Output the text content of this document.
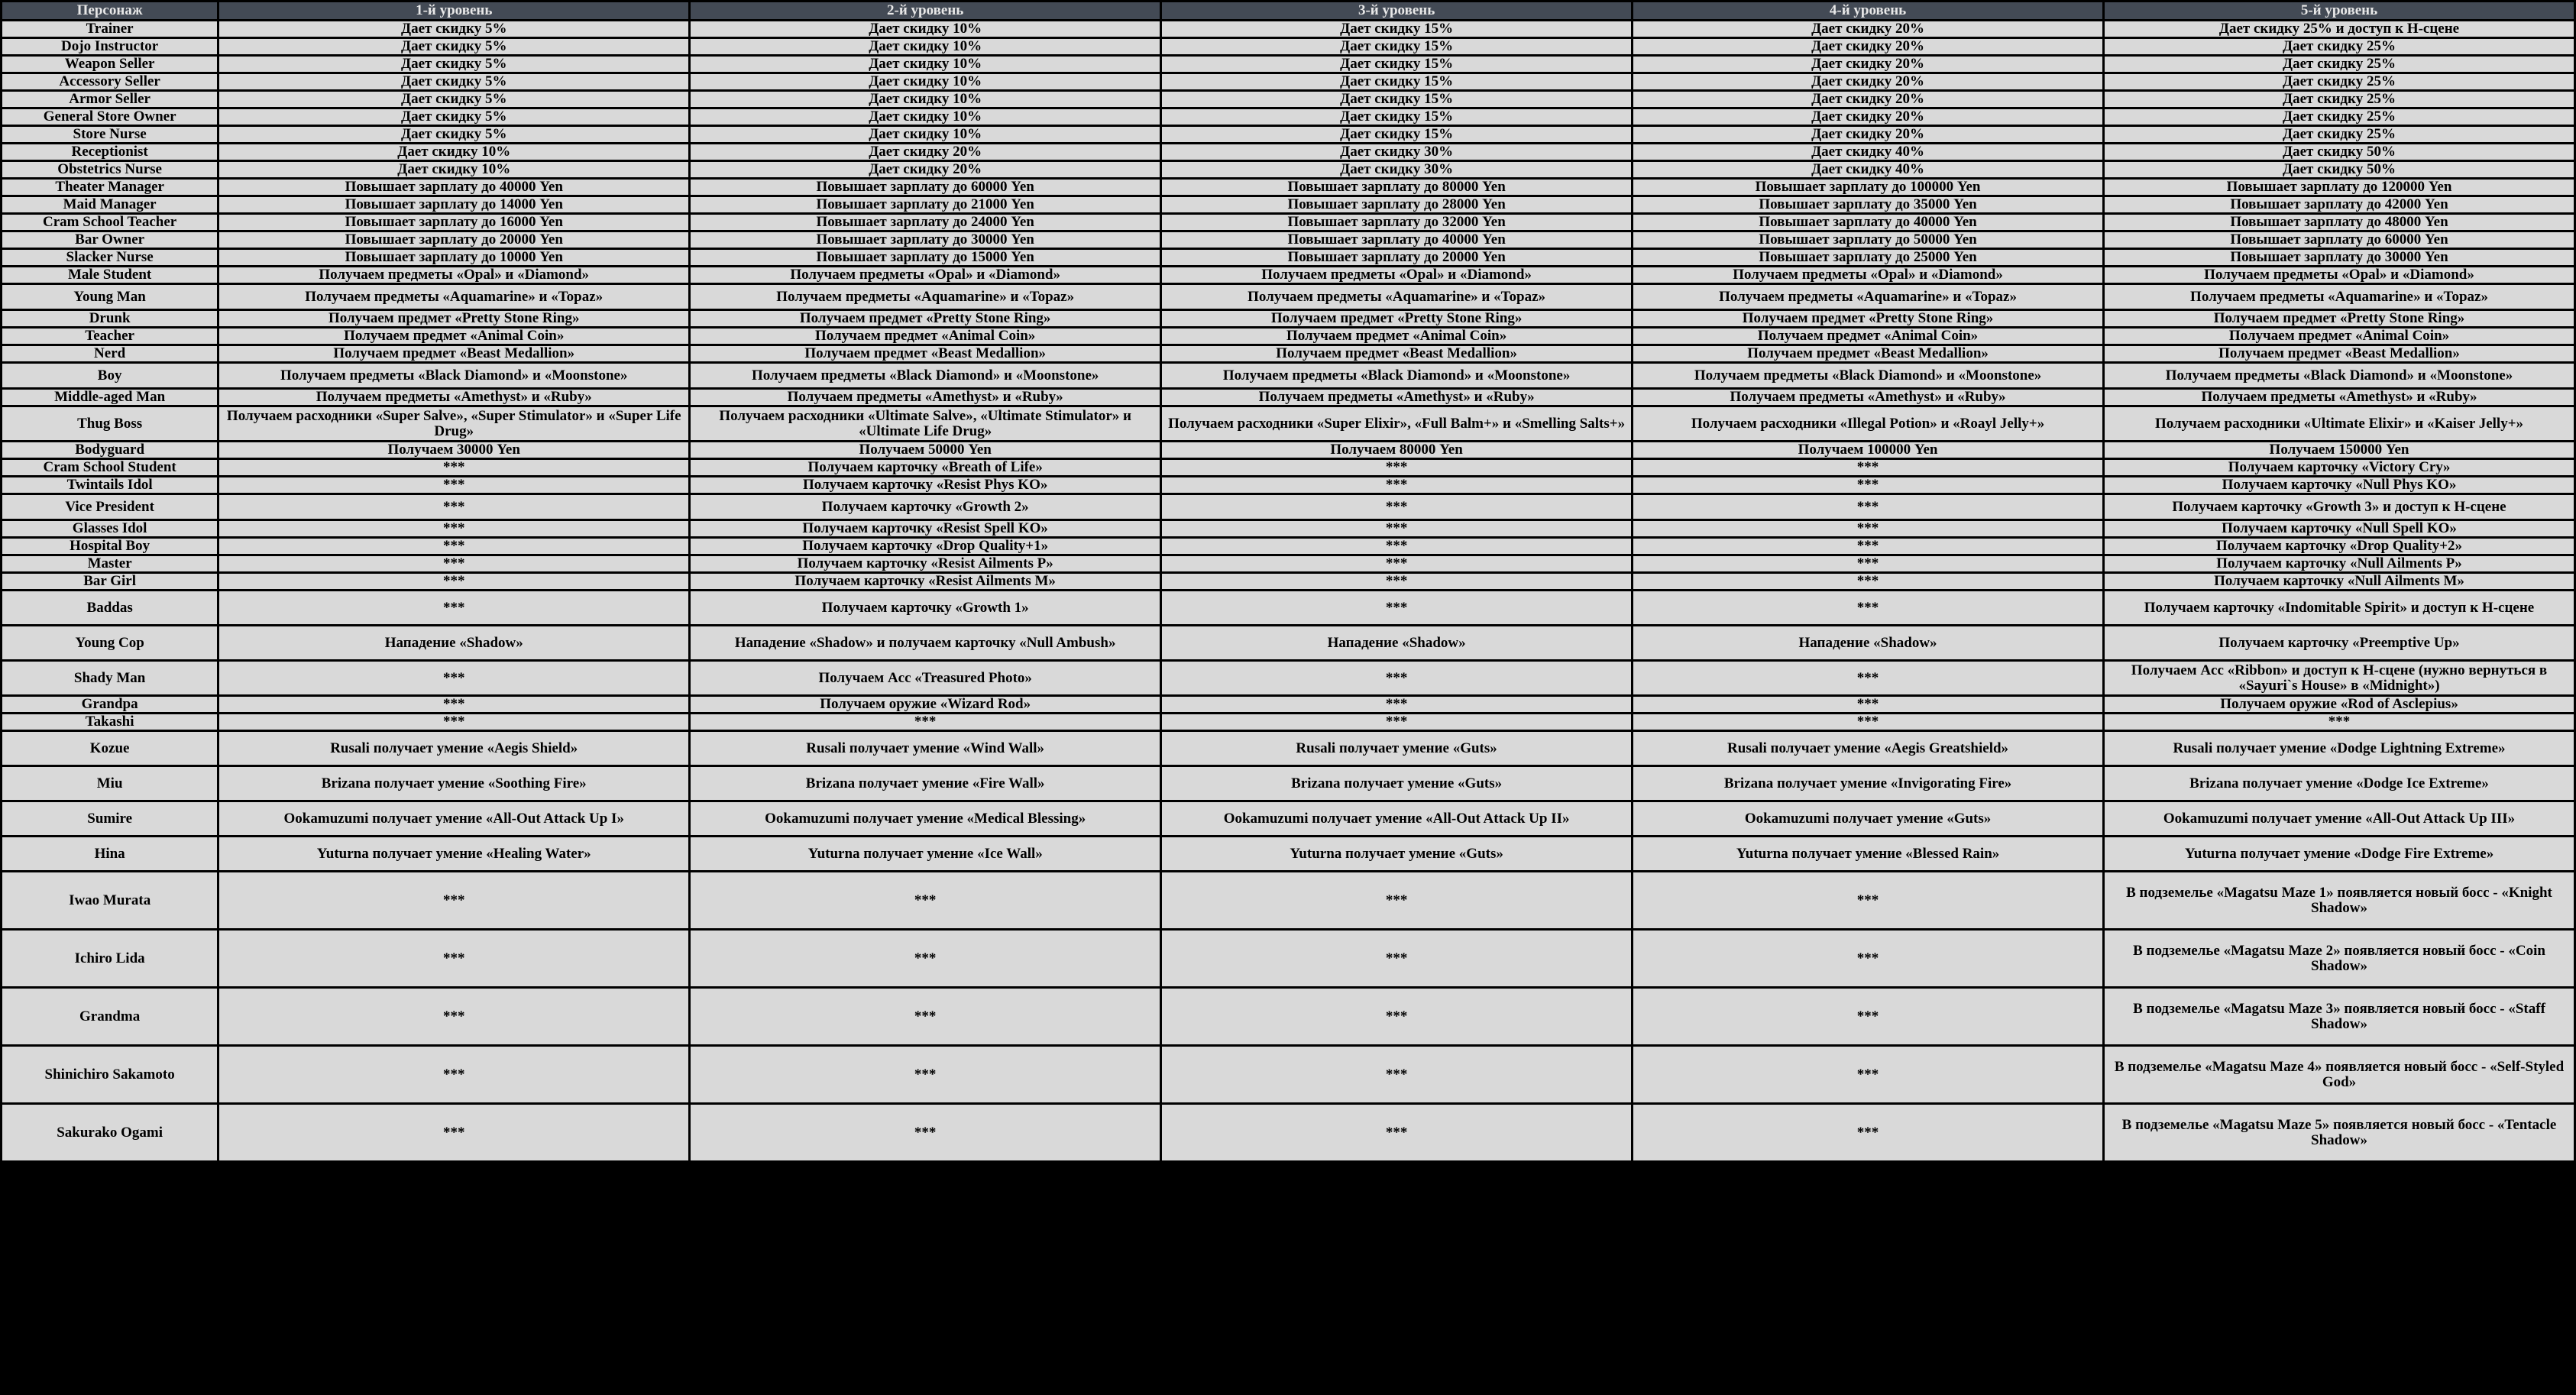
Персонаж	1-й уровень	2-й уровень	3-й уровень	4-й уровень	5-й уровень
Trainer	Дает скидку 5%	Дает скидку 10%	Дает скидку 15%	Дает скидку 20%	Дает скидку 25% и доступ к H-сцене
Dojo Instructor	Дает скидку 5%	Дает скидку 10%	Дает скидку 15%	Дает скидку 20%	Дает скидку 25%
Weapon Seller	Дает скидку 5%	Дает скидку 10%	Дает скидку 15%	Дает скидку 20%	Дает скидку 25%
Accessory Seller	Дает скидку 5%	Дает скидку 10%	Дает скидку 15%	Дает скидку 20%	Дает скидку 25%
Armor Seller	Дает скидку 5%	Дает скидку 10%	Дает скидку 15%	Дает скидку 20%	Дает скидку 25%
General Store Owner	Дает скидку 5%	Дает скидку 10%	Дает скидку 15%	Дает скидку 20%	Дает скидку 25%
Store Nurse	Дает скидку 5%	Дает скидку 10%	Дает скидку 15%	Дает скидку 20%	Дает скидку 25%
Receptionist	Дает скидку 10%	Дает скидку 20%	Дает скидку 30%	Дает скидку 40%	Дает скидку 50%
Obstetrics Nurse	Дает скидку 10%	Дает скидку 20%	Дает скидку 30%	Дает скидку 40%	Дает скидку 50%
Theater Manager	Повышает зарплату до 40000 Yen	Повышает зарплату до 60000 Yen	Повышает зарплату до 80000 Yen	Повышает зарплату до 100000 Yen	Повышает зарплату до 120000 Yen
Maid Manager	Повышает зарплату до 14000 Yen	Повышает зарплату до 21000 Yen	Повышает зарплату до 28000 Yen	Повышает зарплату до 35000 Yen	Повышает зарплату до 42000 Yen
Cram School Teacher	Повышает зарплату до 16000 Yen	Повышает зарплату до 24000 Yen	Повышает зарплату до 32000 Yen	Повышает зарплату до 40000 Yen	Повышает зарплату до 48000 Yen
Bar Owner	Повышает зарплату до 20000 Yen	Повышает зарплату до 30000 Yen	Повышает зарплату до 40000 Yen	Повышает зарплату до 50000 Yen	Повышает зарплату до 60000 Yen
Slacker Nurse	Повышает зарплату до 10000 Yen	Повышает зарплату до 15000 Yen	Повышает зарплату до 20000 Yen	Повышает зарплату до 25000 Yen	Повышает зарплату до 30000 Yen
Male Student	Получаем предметы «Opal» и «Diamond»	Получаем предметы «Opal» и «Diamond»	Получаем предметы «Opal» и «Diamond»	Получаем предметы «Opal» и «Diamond»	Получаем предметы «Opal» и «Diamond»
Young Man	Получаем предметы «Aquamarine» и «Topaz»	Получаем предметы «Aquamarine» и «Topaz»	Получаем предметы «Aquamarine» и «Topaz»	Получаем предметы «Aquamarine» и «Topaz»	Получаем предметы «Aquamarine» и «Topaz»
Drunk	Получаем предмет «Pretty Stone Ring»	Получаем предмет «Pretty Stone Ring»	Получаем предмет «Pretty Stone Ring»	Получаем предмет «Pretty Stone Ring»	Получаем предмет «Pretty Stone Ring»
Teacher	Получаем предмет «Animal Coin»	Получаем предмет «Animal Coin»	Получаем предмет «Animal Coin»	Получаем предмет «Animal Coin»	Получаем предмет «Animal Coin»
Nerd	Получаем предмет «Beast Medallion»	Получаем предмет «Beast Medallion»	Получаем предмет «Beast Medallion»	Получаем предмет «Beast Medallion»	Получаем предмет «Beast Medallion»
Boy	Получаем предметы «Black Diamond» и «Moonstone»	Получаем предметы «Black Diamond» и «Moonstone»	Получаем предметы «Black Diamond» и «Moonstone»	Получаем предметы «Black Diamond» и «Moonstone»	Получаем предметы «Black Diamond» и «Moonstone»
Middle-aged Man	Получаем предметы «Amethyst» и «Ruby»	Получаем предметы «Amethyst» и «Ruby»	Получаем предметы «Amethyst» и «Ruby»	Получаем предметы «Amethyst» и «Ruby»	Получаем предметы «Amethyst» и «Ruby»
Thug Boss	Получаем расходники «Super Salve», «Super Stimulator» и «Super Life Drug»	Получаем расходники «Ultimate Salve», «Ultimate Stimulator» и «Ultimate Life Drug»	Получаем расходники «Super Elixir», «Full Balm+» и «Smelling Salts+»	Получаем расходники «Illegal Potion» и «Roayl Jelly+»	Получаем расходники «Ultimate Elixir» и «Kaiser Jelly+»
Bodyguard	Получаем 30000 Yen	Получаем 50000 Yen	Получаем 80000 Yen	Получаем 100000 Yen	Получаем 150000 Yen
Cram School Student	***	Получаем карточку «Breath of Life»	***	***	Получаем карточку «Victory Cry»
Twintails Idol	***	Получаем карточку «Resist Phys KO»	***	***	Получаем карточку «Null Phys KO»
Vice President	***	Получаем карточку «Growth 2»	***	***	Получаем карточку «Growth 3» и доступ к H-сцене
Glasses Idol	***	Получаем карточку «Resist Spell KO»	***	***	Получаем карточку «Null Spell KO»
Hospital Boy	***	Получаем карточку «Drop Quality+1»	***	***	Получаем карточку «Drop Quality+2»
Master	***	Получаем карточку «Resist Ailments P»	***	***	Получаем карточку «Null Ailments P»
Bar Girl	***	Получаем карточку «Resist Ailments M»	***	***	Получаем карточку «Null Ailments M»
Baddas	***	Получаем карточку «Growth 1»	***	***	Получаем карточку «Indomitable Spirit» и доступ к H-сцене
Young Cop	Нападение «Shadow»	Нападение «Shadow» и получаем карточку «Null Ambush»	Нападение «Shadow»	Нападение «Shadow»	Получаем карточку «Preemptive Up»
Shady Man	***	Получаем Acc «Treasured Photo»	***	***	Получаем Acc «Ribbon» и доступ к H-сцене (нужно вернуться в «Sayuri`s House» в «Midnight»)
Grandpa	***	Получаем оружие «Wizard Rod»	***	***	Получаем оружие «Rod of Asclepius»
Takashi	***	***	***	***	***
Kozue	Rusali получает умение «Aegis Shield»	Rusali получает умение «Wind Wall»	Rusali получает умение «Guts»	Rusali получает умение «Aegis Greatshield»	Rusali получает умение «Dodge Lightning Extreme»
Miu	Brizana получает умение «Soothing Fire»	Brizana получает умение «Fire Wall»	Brizana получает умение «Guts»	Brizana получает умение «Invigorating Fire»	Brizana получает умение «Dodge Ice Extreme»
Sumire	Ookamuzumi получает умение «All-Out Attack Up I»	Ookamuzumi получает умение «Medical Blessing»	Ookamuzumi получает умение «All-Out Attack Up II»	Ookamuzumi получает умение «Guts»	Ookamuzumi получает умение «All-Out Attack Up III»
Hina	Yuturna получает умение «Healing Water»	Yuturna получает умение «Ice Wall»	Yuturna получает умение «Guts»	Yuturna получает умение «Blessed Rain»	Yuturna получает умение «Dodge Fire Extreme»
Iwao Murata	***	***	***	***	В подземелье «Magatsu Maze 1» появляется новый босс - «Knight Shadow»
Ichiro Lida	***	***	***	***	В подземелье «Magatsu Maze 2» появляется новый босс - «Coin Shadow»
Grandma	***	***	***	***	В подземелье «Magatsu Maze 3» появляется новый босс - «Staff Shadow»
Shinichiro Sakamoto	***	***	***	***	В подземелье «Magatsu Maze 4» появляется новый босс - «Self-Styled God»
Sakurako Ogami	***	***	***	***	В подземелье «Magatsu Maze 5» появляется новый босс - «Tentacle Shadow»
